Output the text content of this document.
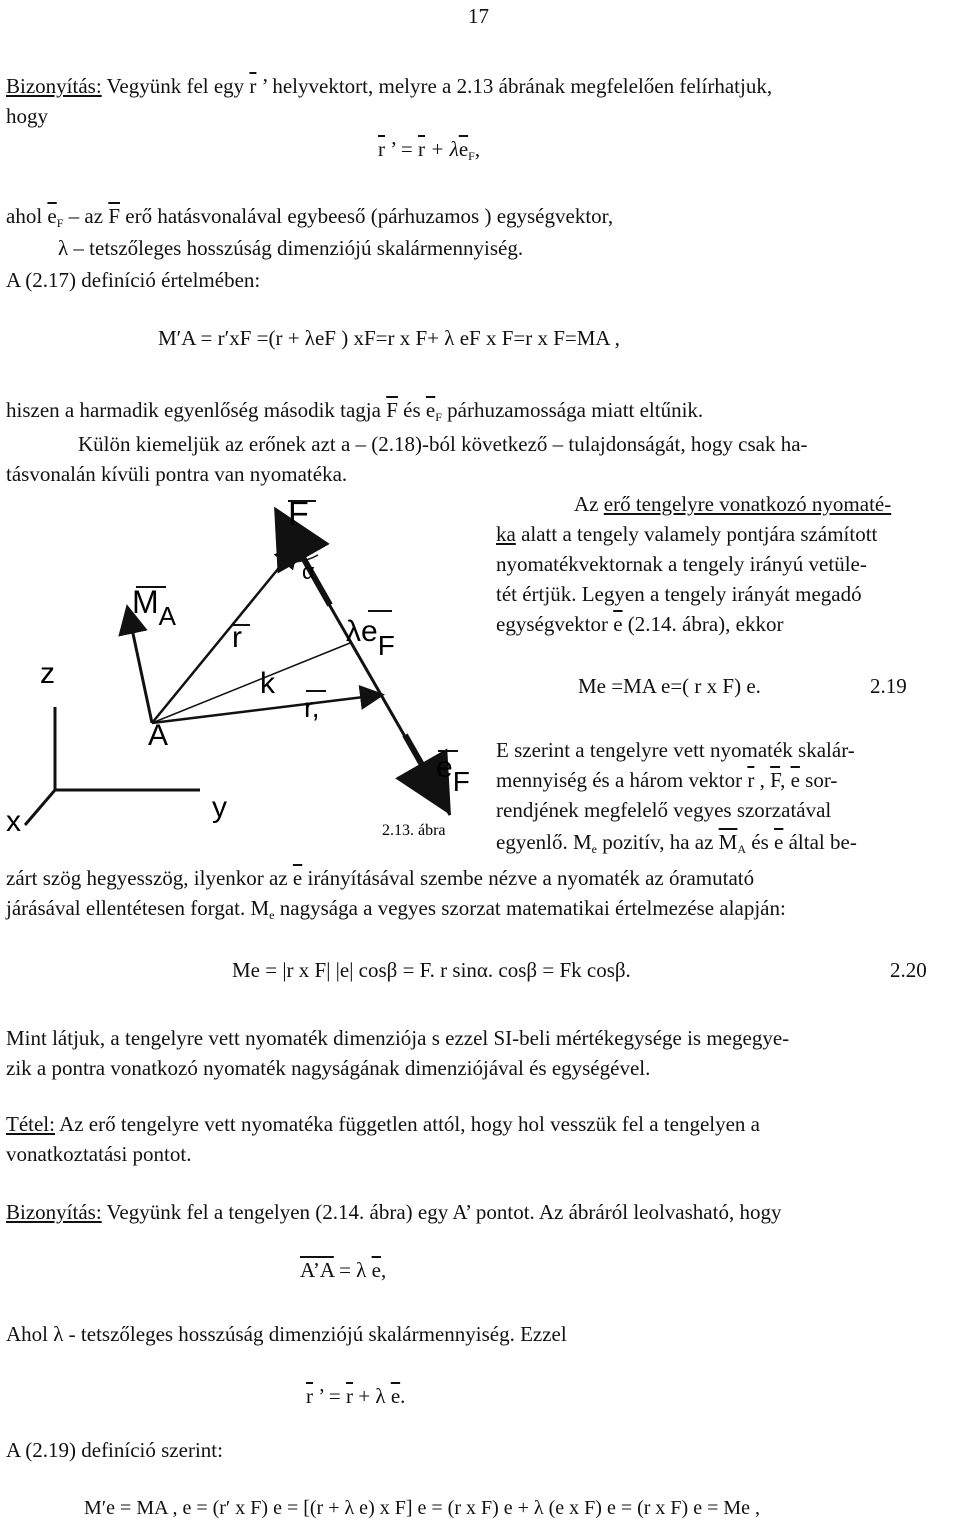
17
Bizonyítás: Vegyünk fel egy $\overline{r}$ ’ helyvektort, melyre a 2.13 ábrának megfelelően felírhatjuk,
hogy
$\overline{r}$ ’ = $\overline{r} + \lambda\overline{e}_F$,
ahol $\overline{e}_F$ – az $\overline{F}$ erő hatásvonalával egybeeső (párhuzamos ) egységvektor,
λ – tetszőleges hosszúság dimenziójú skalármennyiség.
A (2.17) definíció értelmében:
M′A = r′xF =(r + λeF ) xF=r x F+ λ eF x F=r x F=MA ,
hiszen a harmadik egyenlőség második tagja $\overline{F}$ és $\overline{e}_F$ párhuzamossága miatt eltűnik.
Külön kiemeljük az erőnek azt a – (2.18)-ból következő – tulajdonságát, hogy csak ha-
tásvonalán kívüli pontra van nyomatéka.
Az erő tengelyre vonatkozó nyomaté-
ka alatt a tengely valamely pontjára számított
nyomatékvektornak a tengely irányú vetüle-
tét értjük. Legyen a tengely irányát megadó
egységvektor $\overline{e}$ (2.14. ábra), ekkor
Me =MA e=( r x F) e.	2.19
E szerint a tengelyre vett nyomaték skalár-
mennyiség és a három vektor $\overline{r}$ , $\overline{F}$, $\overline{e}$ sor-
rendjének megfelelő vegyes szorzatával
egyenlő. $M_e$ pozitív, ha az $\overline{M}_A$ és $\overline{e}$ által be-
zárt szög hegyesszög, ilyenkor az $\overline{e}$ irányításával szembe nézve a nyomaték az óramutató
járásával ellentétesen forgat. $M_e$ nagysága a vegyes szorzat matematikai értelmezése alapján:
Me = |r x F| |e| cosβ = F. r sinα. cosβ = Fk cosβ.	2.20
Mint látjuk, a tengelyre vett nyomaték dimenziója s ezzel SI-beli mértékegysége is megegye-
zik a pontra vonatkozó nyomaték nagyságának dimenziójával és egységével.
Tétel: Az erő tengelyre vett nyomatéka független attól, hogy hol vesszük fel a tengelyen a
vonatkoztatási pontot.
Bizonyítás: Vegyünk fel a tengelyen (2.14. ábra) egy A’ pontot. Az ábráról leolvasható, hogy
A’A = λ $\overline{e}$,
Ahol λ - tetszőleges hosszúság dimenziójú skalármennyiség. Ezzel
$\overline{r}$ ’ = $\overline{r} + \lambda$ $\overline{e}$.
A (2.19) definíció szerint:
M′e = MA , e = (r′ x F) e = [(r + λ e) x F] e = (r x F) e + λ (e x F) e = (r x F) e = Me ,
F
α
$M_A$
r	λeF
k
r,
z
A
eF
y
x	2.13. ábra
